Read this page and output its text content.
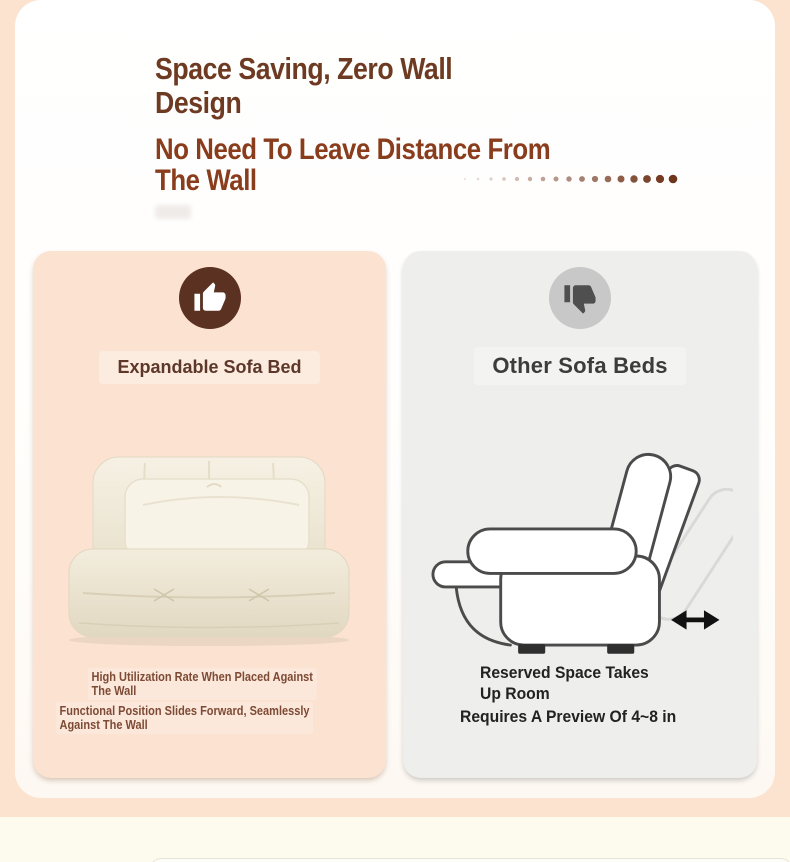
Space Saving, Zero Wall
Design
No Need To Leave Distance From
The Wall
Expandable Sofa Bed
High Utilization Rate When Placed Against
The Wall
Functional Position Slides Forward, Seamlessly
Against The Wall
Other Sofa Beds
Reserved Space Takes
Up Room
Requires A Preview Of 4~8 in
